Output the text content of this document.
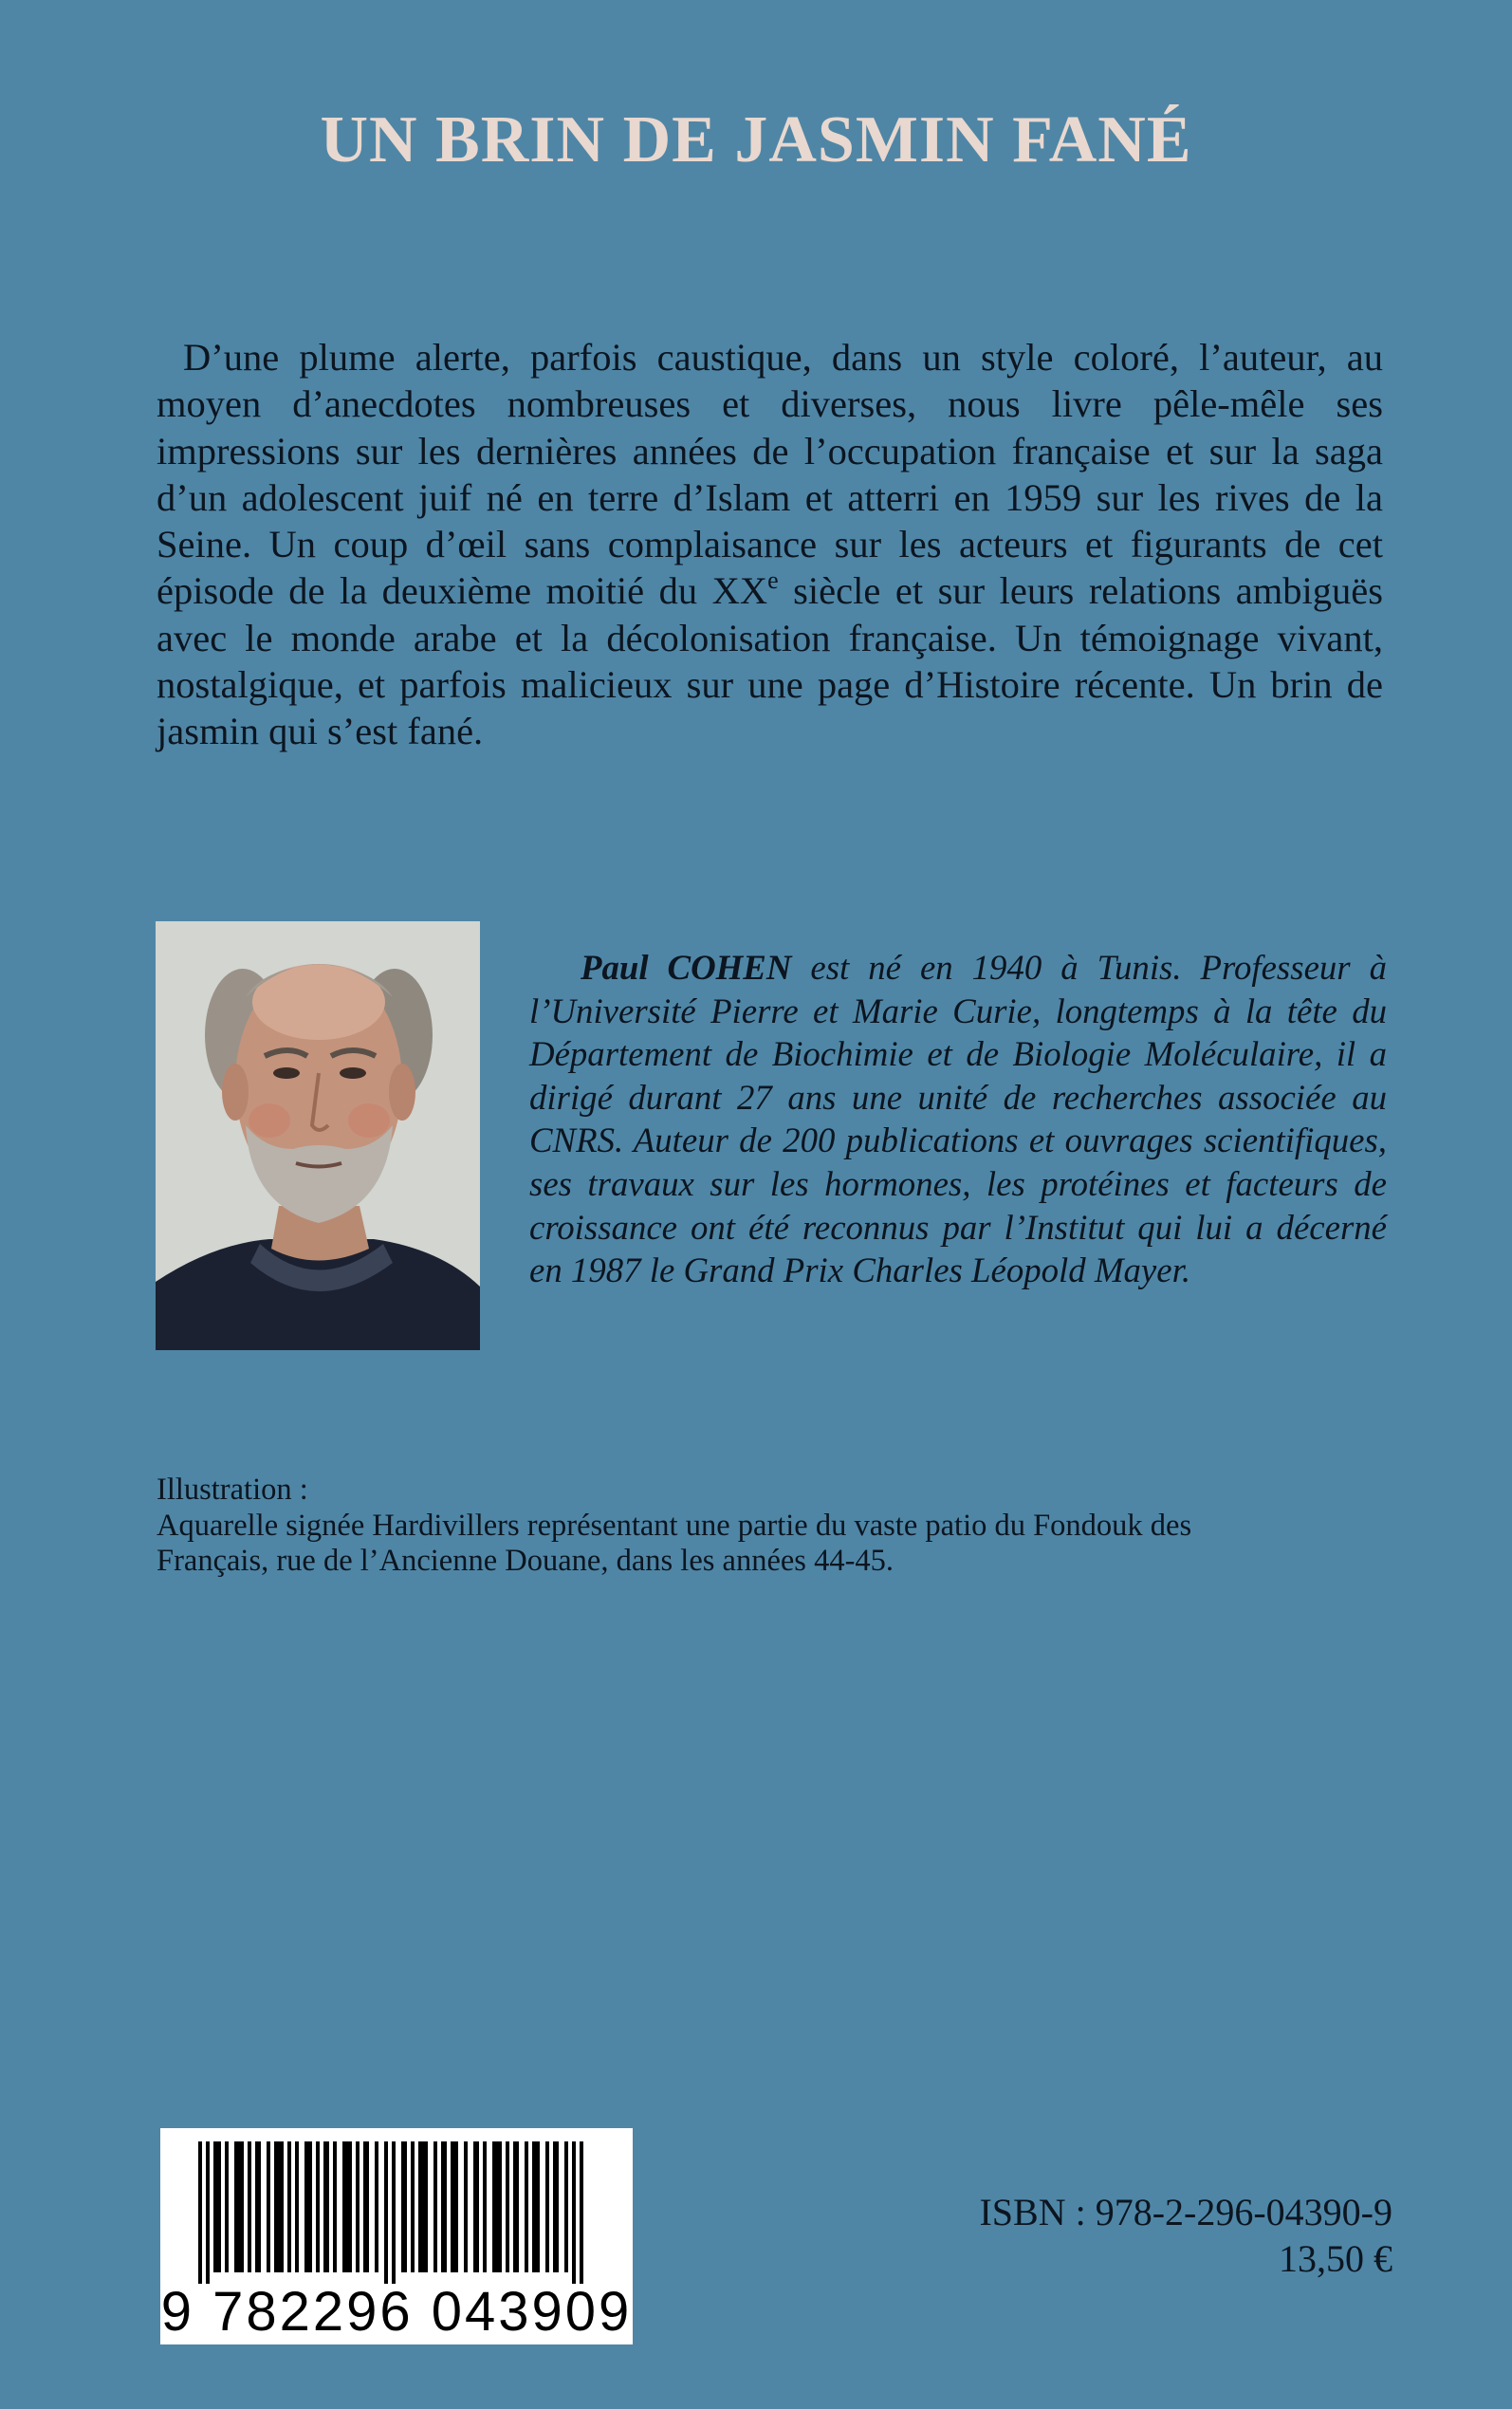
UN BRIN DE JASMIN FANÉ

D’une plume alerte, parfois caustique, dans un style coloré, l’auteur, au moyen d’anecdotes nombreuses et diverses, nous livre pêle-mêle ses impressions sur les dernières années de l’occupation française et sur la saga d’un adolescent juif né en terre d’Islam et atterri en 1959 sur les rives de la Seine. Un coup d’œil sans complaisance sur les acteurs et figurants de cet épisode de la deuxième moitié du XXe siècle et sur leurs relations ambiguës avec le monde arabe et la décolonisation française. Un témoignage vivant, nostalgique, et parfois malicieux sur une page d’Histoire récente. Un brin de jasmin qui s’est fané.

Paul COHEN est né en 1940 à Tunis. Professeur à l’Université Pierre et Marie Curie, longtemps à la tête du Département de Biochimie et de Biologie Moléculaire, il a dirigé durant 27 ans une unité de recherches associée au CNRS. Auteur de 200 publications et ouvrages scientifiques, ses travaux sur les hormones, les protéines et facteurs de croissance ont été reconnus par l’Institut qui lui a décerné en 1987 le Grand Prix Charles Léopold Mayer.

Illustration :
Aquarelle signée Hardivillers représentant une partie du vaste patio du Fondouk des
Français, rue de l’Ancienne Douane, dans les années 44-45.
9 782296 043909
ISBN : 978-2-296-04390-9
13,50 €
